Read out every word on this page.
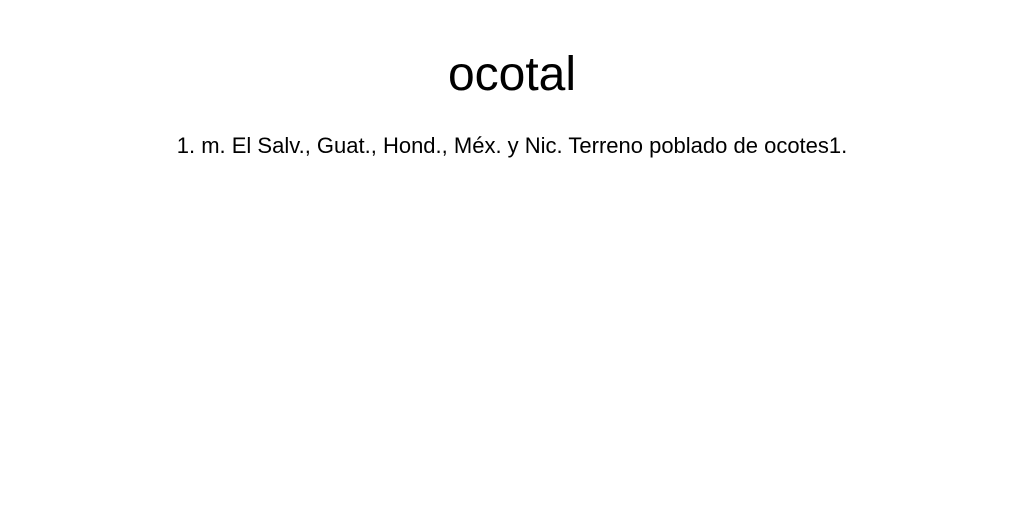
ocotal

1. m. El Salv., Guat., Hond., Méx. y Nic. Terreno poblado de ocotes1.
